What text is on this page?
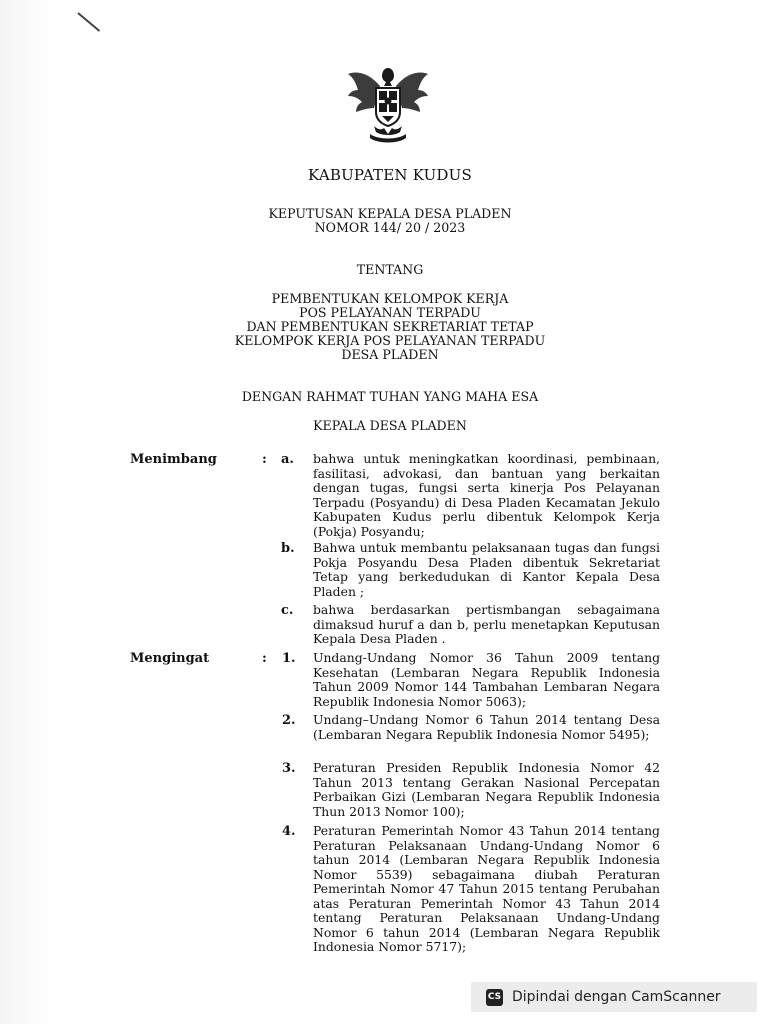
KABUPATEN KUDUS
KEPUTUSAN KEPALA DESA PLADEN
NOMOR 144/ 20 / 2023
TENTANG
PEMBENTUKAN KELOMPOK KERJA
POS PELAYANAN TERPADU
DAN PEMBENTUKAN SEKRETARIAT TETAP
KELOMPOK KERJA POS PELAYANAN TERPADU
DESA PLADEN
DENGAN RAHMAT TUHAN YANG MAHA ESA
KEPALA DESA PLADEN
Menimbang	: a. bahwa untuk meningkatkan koordinasi, pembinaan, fasilitasi, advokasi, dan bantuan yang berkaitan dengan tugas, fungsi serta kinerja Pos Pelayanan Terpadu (Posyandu) di Desa Pladen Kecamatan Jekulo Kabupaten Kudus perlu dibentuk Kelompok Kerja (Pokja) Posyandu;
b. Bahwa untuk membantu pelaksanaan tugas dan fungsi Pokja Posyandu Desa Pladen dibentuk Sekretariat Tetap yang berkedudukan di Kantor Kepala Desa Pladen ;
c. bahwa berdasarkan pertismbangan sebagaimana dimaksud huruf a dan b, perlu menetapkan Keputusan Kepala Desa Pladen .
Mengingat	: 1. Undang-Undang Nomor 36 Tahun 2009 tentang Kesehatan (Lembaran Negara Republik Indonesia Tahun 2009 Nomor 144 Tambahan Lembaran Negara Republik Indonesia Nomor 5063);
2. Undang–Undang Nomor 6 Tahun 2014 tentang Desa (Lembaran Negara Republik Indonesia Nomor 5495);
3. Peraturan Presiden Republik Indonesia Nomor 42 Tahun 2013 tentang Gerakan Nasional Percepatan Perbaikan Gizi (Lembaran Negara Republik Indonesia Thun 2013 Nomor 100);
4. Peraturan Pemerintah Nomor 43 Tahun 2014 tentang Peraturan Pelaksanaan Undang-Undang Nomor 6 tahun 2014 (Lembaran Negara Republik Indonesia Nomor 5539) sebagaimana diubah Peraturan Pemerintah Nomor 47 Tahun 2015 tentang Perubahan atas Peraturan Pemerintah Nomor 43 Tahun 2014 tentang Peraturan Pelaksanaan Undang-Undang Nomor 6 tahun 2014 (Lembaran Negara Republik Indonesia Nomor 5717);
CS Dipindai dengan CamScanner
